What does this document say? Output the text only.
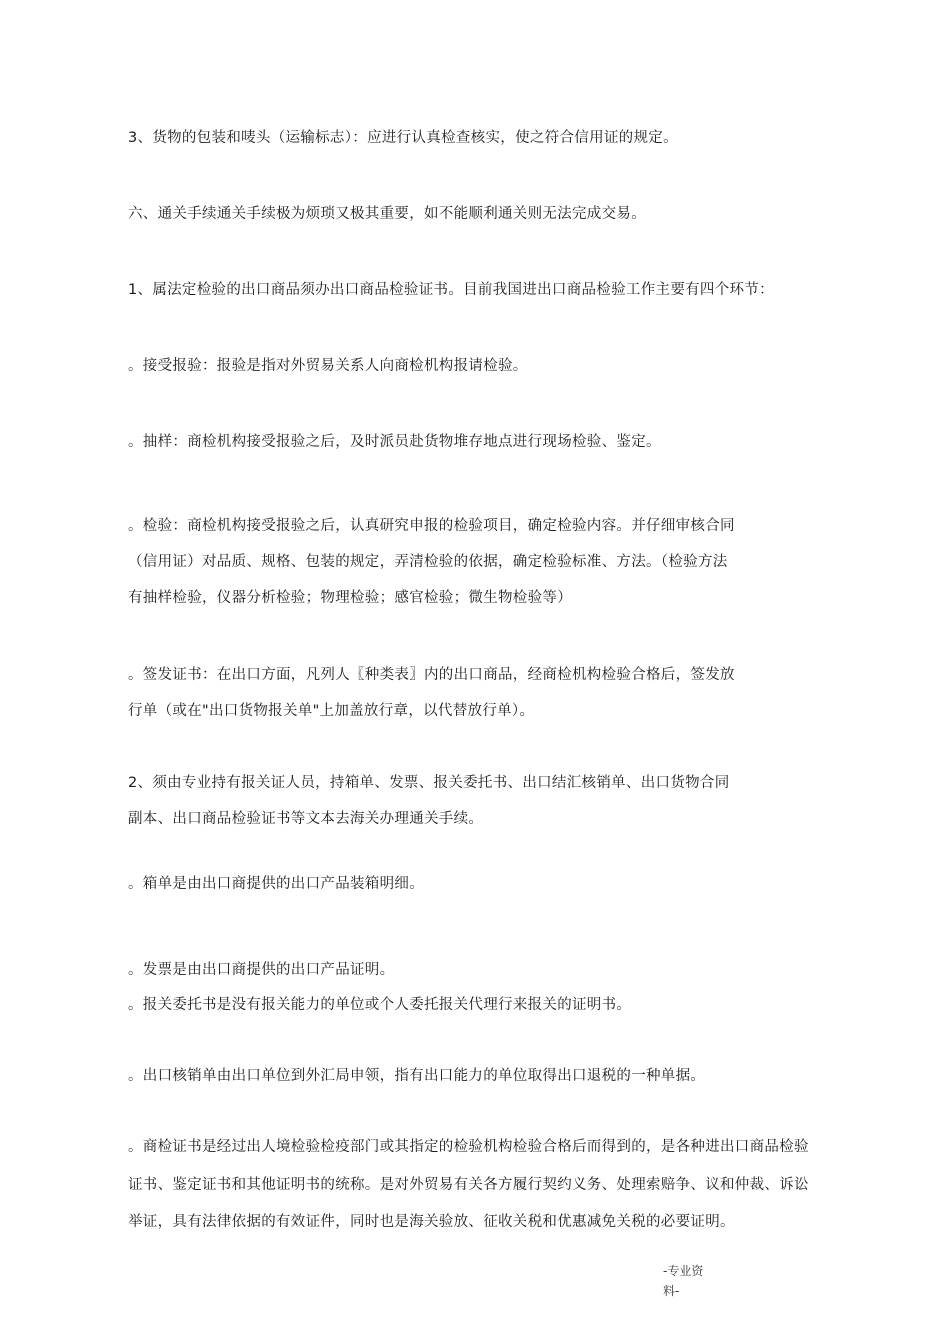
3、货物的包装和唛头（运输标志）：应进行认真检查核实，使之符合信用证的规定。
六、通关手续通关手续极为烦琐又极其重要，如不能顺利通关则无法完成交易。
1、属法定检验的出口商品须办出口商品检验证书。目前我国进出口商品检验工作主要有四个环节：
。接受报验：报验是指对外贸易关系人向商检机构报请检验。
。抽样：商检机构接受报验之后，及时派员赴货物堆存地点进行现场检验、鉴定。
。检验：商检机构接受报验之后，认真研究申报的检验项目，确定检验内容。并仔细审核合同
（信用证）对品质、规格、包装的规定，弄清检验的依据，确定检验标准、方法。（检验方法
有抽样检验，仪器分析检验；物理检验；感官检验；微生物检验等）
。签发证书：在出口方面，凡列人〖种类表〗内的出口商品，经商检机构检验合格后，签发放
行单（或在"出口货物报关单"上加盖放行章，以代替放行单）。
2、须由专业持有报关证人员，持箱单、发票、报关委托书、出口结汇核销单、出口货物合同
副本、出口商品检验证书等文本去海关办理通关手续。
。箱单是由出口商提供的出口产品装箱明细。
。发票是由出口商提供的出口产品证明。
。报关委托书是没有报关能力的单位或个人委托报关代理行来报关的证明书。
。出口核销单由出口单位到外汇局申领，指有出口能力的单位取得出口退税的一种单据。
。商检证书是经过出人境检验检疫部门或其指定的检验机构检验合格后而得到的，是各种进出口商品检验
证书、鉴定证书和其他证明书的统称。是对外贸易有关各方履行契约义务、处理索赔争、议和仲裁、诉讼
举证，具有法律依据的有效证件，同时也是海关验放、征收关税和优惠减免关税的必要证明。
-专业资
料-
